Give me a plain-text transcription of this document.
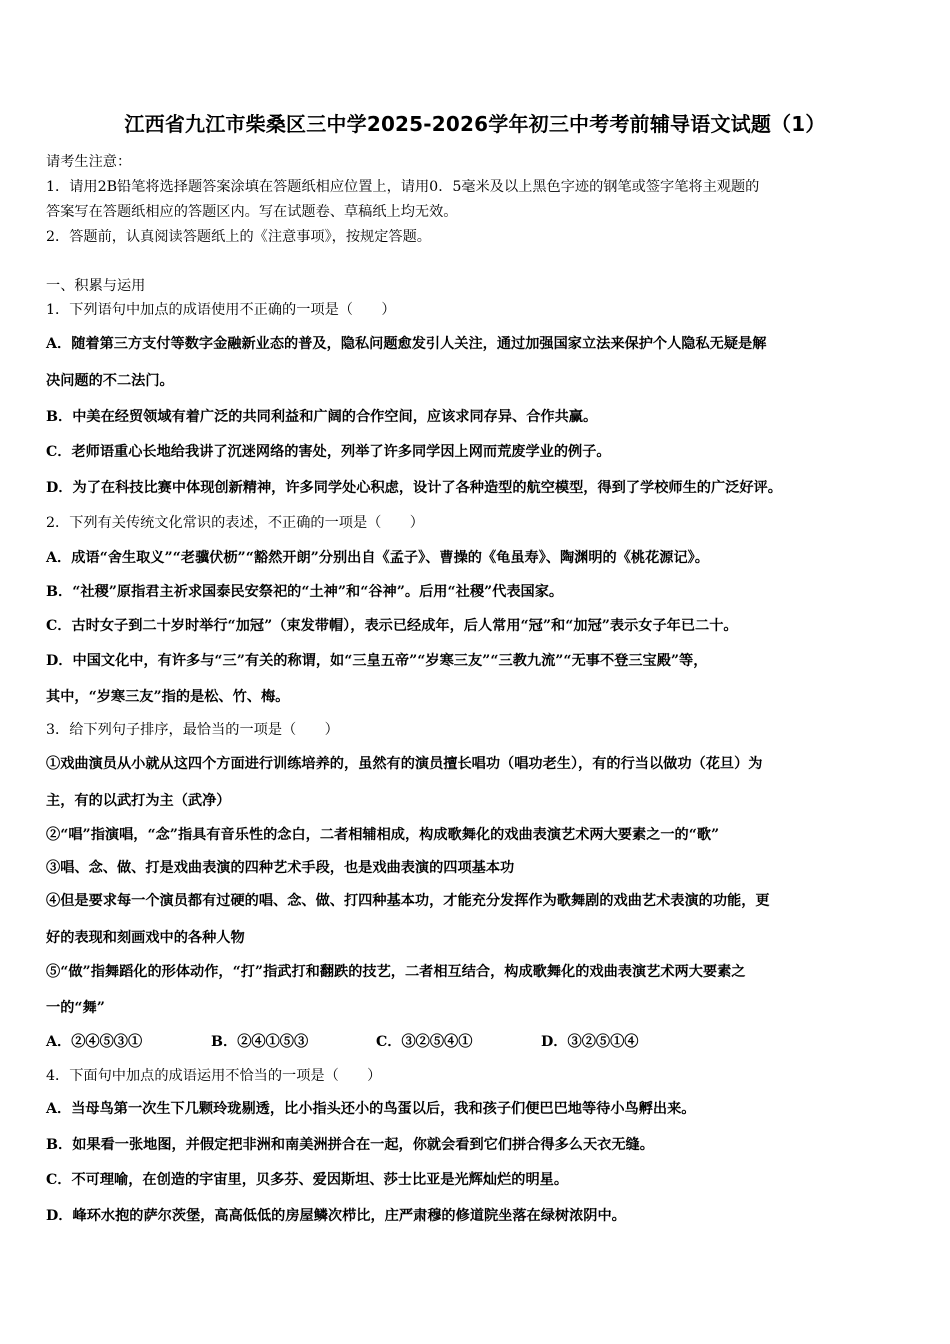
江西省九江市柴桑区三中学2025-2026学年初三中考考前辅导语文试题（1）
请考生注意：
1．请用2B铅笔将选择题答案涂填在答题纸相应位置上，请用0．5毫米及以上黑色字迹的钢笔或签字笔将主观题的
答案写在答题纸相应的答题区内。写在试题卷、草稿纸上均无效。
2．答题前，认真阅读答题纸上的《注意事项》，按规定答题。
一、积累与运用
1．下列语句中加点的成语使用不正确的一项是（　　）
A．随着第三方支付等数字金融新业态的普及，隐私问题愈发引人关注，通过加强国家立法来保护个人隐私无疑是解
决问题的不二法门。
B．中美在经贸领域有着广泛的共同利益和广阔的合作空间，应该求同存异、合作共赢。
C．老师语重心长地给我讲了沉迷网络的害处，列举了许多同学因上网而荒废学业的例子。
D．为了在科技比赛中体现创新精神，许多同学处心积虑，设计了各种造型的航空模型，得到了学校师生的广泛好评。
2．下列有关传统文化常识的表述，不正确的一项是（　　）
A．成语“舍生取义”“老骥伏枥”“豁然开朗”分别出自《孟子》、曹操的《龟虽寿》、陶渊明的《桃花源记》。
B．“社稷”原指君主祈求国泰民安祭祀的“土神”和“谷神”。后用“社稷”代表国家。
C．古时女子到二十岁时举行“加冠”（束发带帽），表示已经成年，后人常用“冠”和“加冠”表示女子年已二十。
D．中国文化中，有许多与“三”有关的称谓，如“三皇五帝”“岁寒三友”“三教九流”“无事不登三宝殿”等，
其中，“岁寒三友”指的是松、竹、梅。
3．给下列句子排序，最恰当的一项是（　　）
①戏曲演员从小就从这四个方面进行训练培养的，虽然有的演员擅长唱功（唱功老生），有的行当以做功（花旦）为
主，有的以武打为主（武净）
②“唱”指演唱，“念”指具有音乐性的念白，二者相辅相成，构成歌舞化的戏曲表演艺术两大要素之一的“歌”
③唱、念、做、打是戏曲表演的四种艺术手段，也是戏曲表演的四项基本功
④但是要求每一个演员都有过硬的唱、念、做、打四种基本功，才能充分发挥作为歌舞剧的戏曲艺术表演的功能，更
好的表现和刻画戏中的各种人物
⑤“做”指舞蹈化的形体动作，“打”指武打和翻跌的技艺，二者相互结合，构成歌舞化的戏曲表演艺术两大要素之
一的“舞”
A．②④⑤③①	B．②④①⑤③	C．③②⑤④①	D．③②⑤①④
4．下面句中加点的成语运用不恰当的一项是（　　）
A．当母鸟第一次生下几颗玲珑剔透，比小指头还小的鸟蛋以后，我和孩子们便巴巴地等待小鸟孵出来。
B．如果看一张地图，并假定把非洲和南美洲拼合在一起，你就会看到它们拼合得多么天衣无缝。
C．不可理喻，在创造的宇宙里，贝多芬、爱因斯坦、莎士比亚是光辉灿烂的明星。
D．峰环水抱的萨尔茨堡，高高低低的房屋鳞次栉比，庄严肃穆的修道院坐落在绿树浓阴中。
